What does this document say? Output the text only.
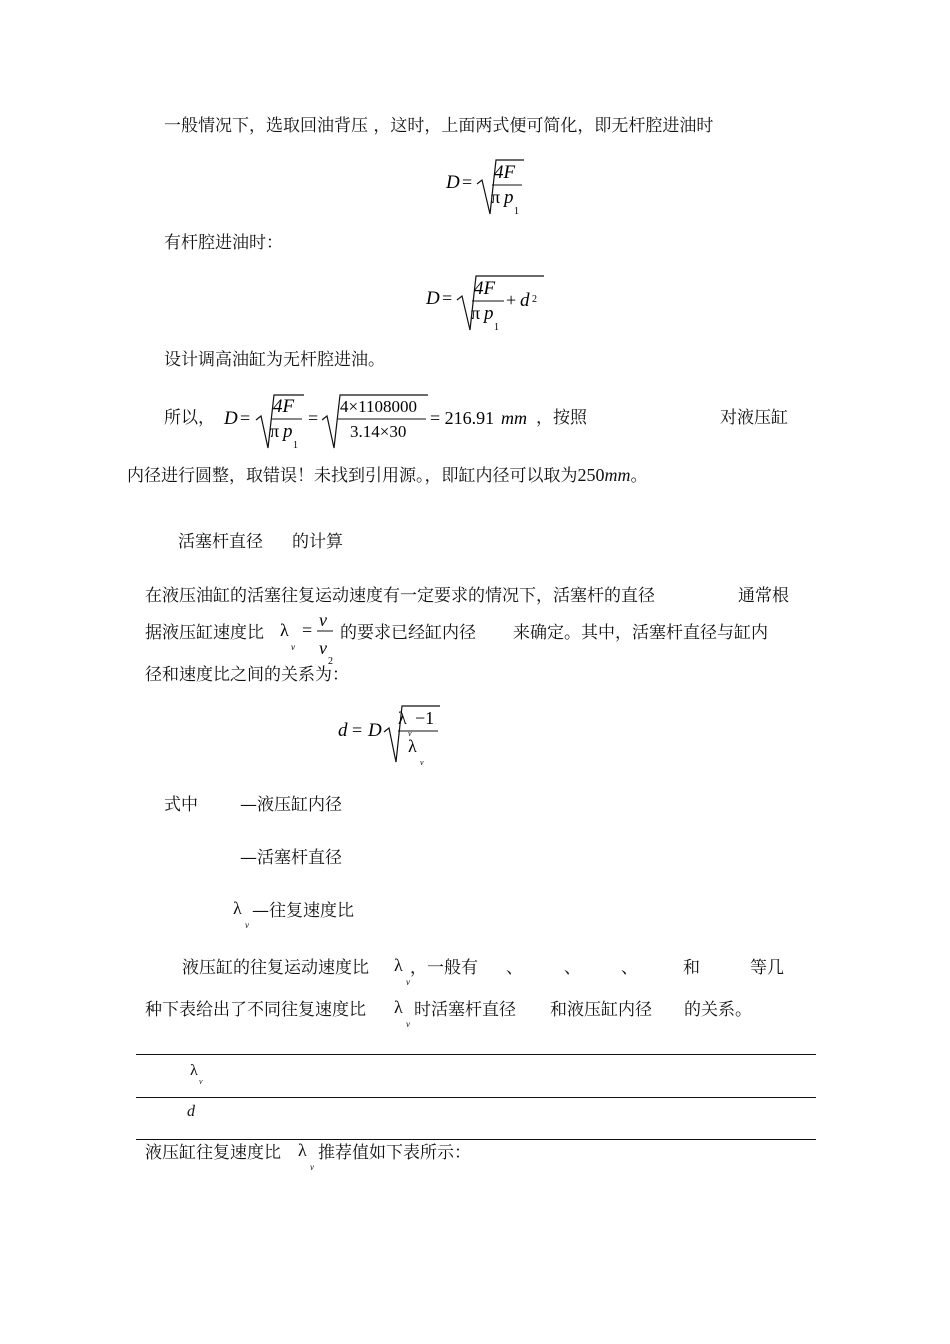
一般情况下，选取回油背压 ，这时，上面两式便可简化，即无杆腔进油时
D = 4F
π p
1
有杆腔进油时：
D = 4F
π p
1
+ d 2
设计调高油缸为无杆腔进油。
所以， D =
4F
π p
1
=
4×1108000
3.14×30
= 216.91 mm ，按照	对液压缸
内径进行圆整，取错误！未找到引用源。，即缸内径可以取为250mm。
活塞杆直径 的计算
在液压油缸的活塞往复运动速度有一定要求的情况下，活塞杆的直径	通常根
据液压缸速度比 λ
v
= v
v
2
的要求已经缸内径 来确定。其中，活塞杆直径与缸内
径和速度比之间的关系为：
d = D
λ −1
v
λ
v
式中 —液压缸内径
—活塞杆直径
λ
v
—往复速度比
液压缸的往复运动速度比 λ
v
，一般有 、 、 、	和	等几
种下表给出了不同往复速度比 λ
v
时活塞杆直径 和液压缸内径 的关系。
λ
v
d
液压缸往复速度比 λ
v
推荐值如下表所示：
